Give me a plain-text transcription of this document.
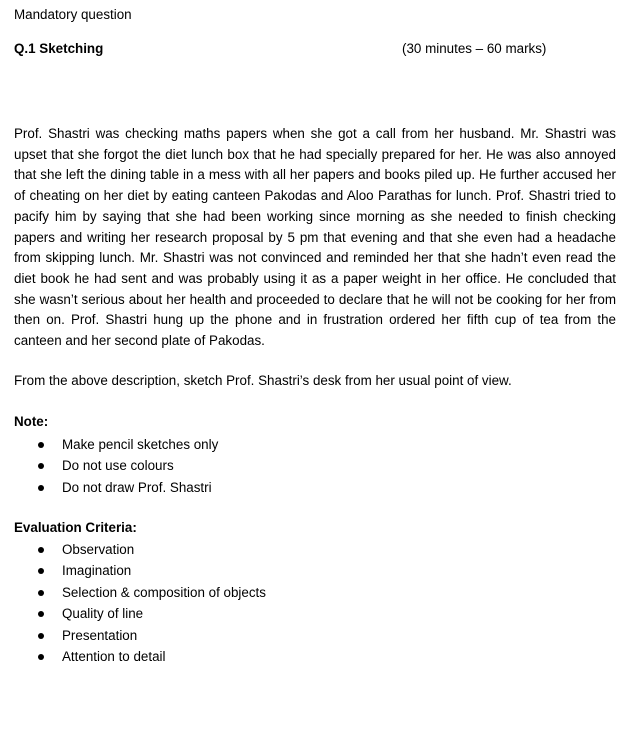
Mandatory question
Q.1 Sketching	(30 minutes – 60 marks)

Prof. Shastri was checking maths papers when she got a call from her husband. Mr. Shastri was upset that she forgot the diet lunch box that he had specially prepared for her. He was also annoyed that she left the dining table in a mess with all her papers and books piled up. He further accused her of cheating on her diet by eating canteen Pakodas and Aloo Parathas for lunch. Prof. Shastri tried to pacify him by saying that she had been working since morning as she needed to finish checking papers and writing her research proposal by 5 pm that evening and that she even had a headache from skipping lunch. Mr. Shastri was not convinced and reminded her that she hadn’t even read the diet book he had sent and was probably using it as a paper weight in her office. He concluded that she wasn’t serious about her health and proceeded to declare that he will not be cooking for her from then on. Prof. Shastri hung up the phone and in frustration ordered her fifth cup of tea from the canteen and her second plate of Pakodas.

From the above description, sketch Prof. Shastri’s desk from her usual point of view.

Note:

Make pencil sketches only
Do not use colours
Do not draw Prof. Shastri

Evaluation Criteria:

Observation
Imagination
Selection & composition of objects
Quality of line
Presentation
Attention to detail
